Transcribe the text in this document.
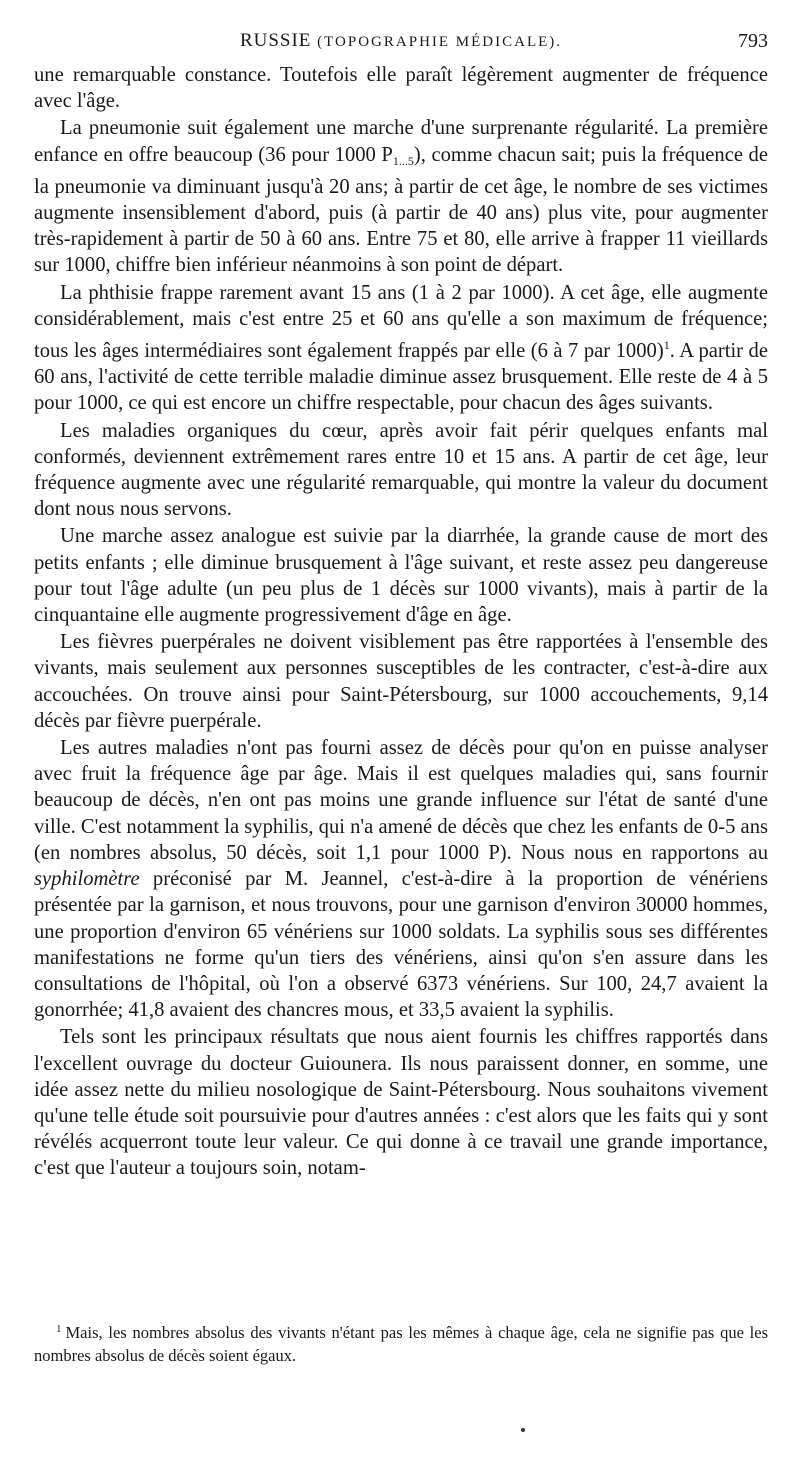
RUSSIE (TOPOGRAPHIE MÉDICALE).	793

une remarquable constance. Toutefois elle paraît légèrement augmenter de fréquence avec l'âge.

La pneumonie suit également une marche d'une surprenante régularité. La première enfance en offre beaucoup (36 pour 1000 $P_{1...5}$), comme chacun sait; puis la fréquence de la pneumonie va diminuant jusqu'à 20 ans; à partir de cet âge, le nombre de ses victimes augmente insensiblement d'abord, puis (à partir de 40 ans) plus vite, pour augmenter très-rapidement à partir de 50 à 60 ans. Entre 75 et 80, elle arrive à frapper 11 vieillards sur 1000, chiffre bien inférieur néanmoins à son point de départ.

La phthisie frappe rarement avant 15 ans (1 à 2 par 1000). A cet âge, elle augmente considérablement, mais c'est entre 25 et 60 ans qu'elle a son maximum de fréquence; tous les âges intermédiaires sont également frappés par elle (6 à 7 par 1000)$^1$. A partir de 60 ans, l'activité de cette terrible maladie diminue assez brusquement. Elle reste de 4 à 5 pour 1000, ce qui est encore un chiffre respectable, pour chacun des âges suivants.

Les maladies organiques du cœur, après avoir fait périr quelques enfants mal conformés, deviennent extrêmement rares entre 10 et 15 ans. A partir de cet âge, leur fréquence augmente avec une régularité remarquable, qui montre la valeur du document dont nous nous servons.

Une marche assez analogue est suivie par la diarrhée, la grande cause de mort des petits enfants ; elle diminue brusquement à l'âge suivant, et reste assez peu dangereuse pour tout l'âge adulte (un peu plus de 1 décès sur 1000 vivants), mais à partir de la cinquantaine elle augmente progressivement d'âge en âge.

Les fièvres puerpérales ne doivent visiblement pas être rapportées à l'ensemble des vivants, mais seulement aux personnes susceptibles de les contracter, c'est-à-dire aux accouchées. On trouve ainsi pour Saint-Pétersbourg, sur 1000 accouchements, 9,14 décès par fièvre puerpérale.

Les autres maladies n'ont pas fourni assez de décès pour qu'on en puisse analyser avec fruit la fréquence âge par âge. Mais il est quelques maladies qui, sans fournir beaucoup de décès, n'en ont pas moins une grande influence sur l'état de santé d'une ville. C'est notamment la syphilis, qui n'a amené de décès que chez les enfants de 0-5 ans (en nombres absolus, 50 décès, soit 1,1 pour 1000 P). Nous nous en rapportons au syphilomètre préconisé par M. Jeannel, c'est-à-dire à la proportion de vénériens présentée par la garnison, et nous trouvons, pour une garnison d'environ 30000 hommes, une proportion d'environ 65 vénériens sur 1000 soldats. La syphilis sous ses différentes manifestations ne forme qu'un tiers des vénériens, ainsi qu'on s'en assure dans les consultations de l'hôpital, où l'on a observé 6373 vénériens. Sur 100, 24,7 avaient la gonorrhée; 41,8 avaient des chancres mous, et 33,5 avaient la syphilis.

Tels sont les principaux résultats que nous aient fournis les chiffres rapportés dans l'excellent ouvrage du docteur Guiounera. Ils nous paraissent donner, en somme, une idée assez nette du milieu nosologique de Saint-Pétersbourg. Nous souhaitons vivement qu'une telle étude soit poursuivie pour d'autres années : c'est alors que les faits qui y sont révélés acquerront toute leur valeur. Ce qui donne à ce travail une grande importance, c'est que l'auteur a toujours soin, notam-

$^1$ Mais, les nombres absolus des vivants n'étant pas les mêmes à chaque âge, cela ne signifie pas que les nombres absolus de décès soient égaux.
